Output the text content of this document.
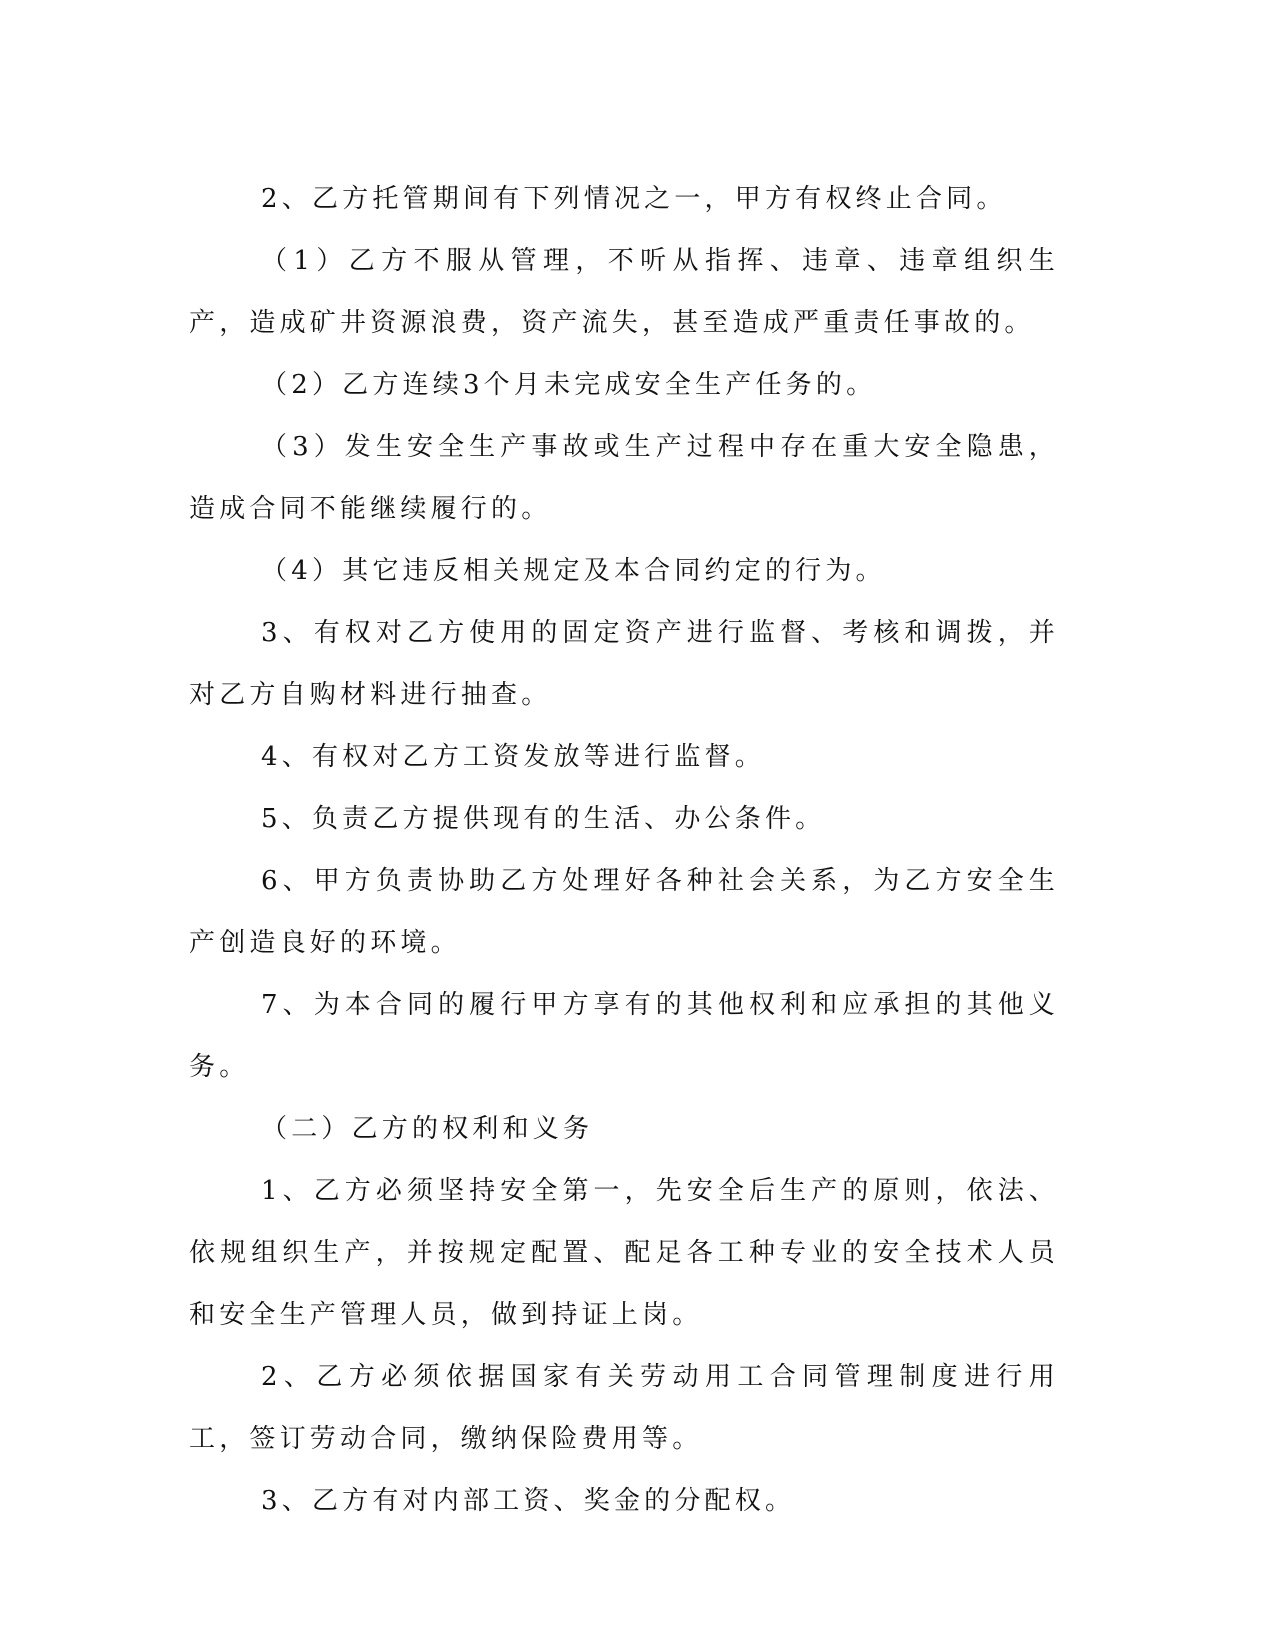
2、乙方托管期间有下列情况之一，甲方有权终止合同。

（1）乙方不服从管理，不听从指挥、违章、违章组织生产，造成矿井资源浪费，资产流失，甚至造成严重责任事故的。

（2）乙方连续3个月未完成安全生产任务的。

（3）发生安全生产事故或生产过程中存在重大安全隐患，造成合同不能继续履行的。

（4）其它违反相关规定及本合同约定的行为。

3、有权对乙方使用的固定资产进行监督、考核和调拨，并对乙方自购材料进行抽查。

4、有权对乙方工资发放等进行监督。

5、负责乙方提供现有的生活、办公条件。

6、甲方负责协助乙方处理好各种社会关系，为乙方安全生产创造良好的环境。

7、为本合同的履行甲方享有的其他权利和应承担的其他义务。

（二）乙方的权利和义务

1、乙方必须坚持安全第一，先安全后生产的原则，依法、依规组织生产，并按规定配置、配足各工种专业的安全技术人员和安全生产管理人员，做到持证上岗。

2、乙方必须依据国家有关劳动用工合同管理制度进行用工，签订劳动合同，缴纳保险费用等。

3、乙方有对内部工资、奖金的分配权。
